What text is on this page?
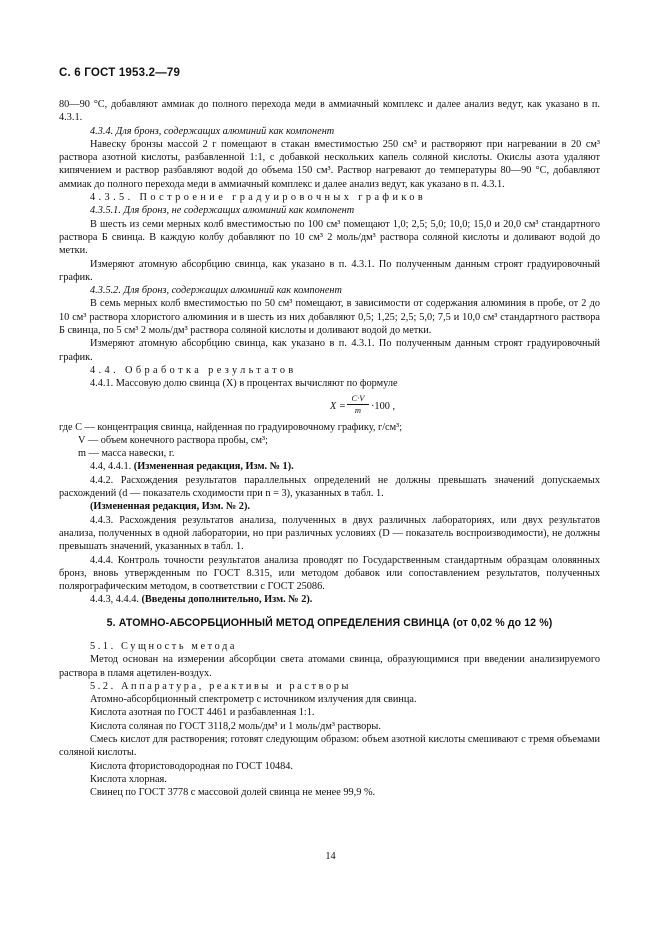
С. 6 ГОСТ 1953.2—79

80—90 °С, добавляют аммиак до полного перехода меди в аммиачный комплекс и далее анализ ведут, как указано в п. 4.3.1.

4.3.4. Для бронз, содержащих алюминий как компонент

Навеску бронзы массой 2 г помещают в стакан вместимостью 250 см³ и растворяют при нагревании в 20 см³ раствора азотной кислоты, разбавленной 1:1, с добавкой нескольких капель соляной кислоты. Окислы азота удаляют кипячением и раствор разбавляют водой до объема 150 см³. Раствор нагревают до температуры 80—90 °С, добавляют аммиак до полного перехода меди в аммиачный комплекс и далее анализ ведут, как указано в п. 4.3.1.

4.3.5. Построение градуировочных графиков

4.3.5.1. Для бронз, не содержащих алюминий как компонент

В шесть из семи мерных колб вместимостью по 100 см³ помещают 1,0; 2,5; 5,0; 10,0; 15,0 и 20,0 см³ стандартного раствора Б свинца. В каждую колбу добавляют по 10 см³ 2 моль/дм³ раствора соляной кислоты и доливают водой до метки.

Измеряют атомную абсорбцию свинца, как указано в п. 4.3.1. По полученным данным строят градуировочный график.

4.3.5.2. Для бронз, содержащих алюминий как компонент

В семь мерных колб вместимостью по 50 см³ помещают, в зависимости от содержания алюминия в пробе, от 2 до 10 см³ раствора хлористого алюминия и в шесть из них добавляют 0,5; 1,25; 2,5; 5,0; 7,5 и 10,0 см³ стандартного раствора Б свинца, по 5 см³ 2 моль/дм³ раствора соляной кислоты и доливают водой до метки.

Измеряют атомную абсорбцию свинца, как указано в п. 4.3.1. По полученным данным строят градуировочный график.

4.4. Обработка результатов

4.4.1. Массовую долю свинца (X) в процентах вычисляют по формуле

$X = \frac{C\cdot V}{m} \cdot 100$ ,

где C — концентрация свинца, найденная по градуировочному графику, г/см³;

V — объем конечного раствора пробы, см³;

m — масса навески, г.

4.4, 4.4.1. (Измененная редакция, Изм. № 1).

4.4.2. Расхождения результатов параллельных определений не должны превышать значений допускаемых расхождений (d — показатель сходимости при n = 3), указанных в табл. 1.

(Измененная редакция, Изм. № 2).

4.4.3. Расхождения результатов анализа, полученных в двух различных лабораториях, или двух результатов анализа, полученных в одной лаборатории, но при различных условиях (D — показатель воспроизводимости), не должны превышать значений, указанных в табл. 1.

4.4.4. Контроль точности результатов анализа проводят по Государственным стандартным образцам оловянных бронз, вновь утвержденным по ГОСТ 8.315, или методом добавок или сопоставлением результатов, полученных полярографическим методом, в соответствии с ГОСТ 25086.

4.4.3, 4.4.4. (Введены дополнительно, Изм. № 2).

5. АТОМНО-АБСОРБЦИОННЫЙ МЕТОД ОПРЕДЕЛЕНИЯ СВИНЦА (от 0,02 % до 12 %)

5.1. Сущность метода

Метод основан на измерении абсорбции света атомами свинца, образующимися при введении анализируемого раствора в пламя ацетилен-воздух.

5.2. Аппаратура, реактивы и растворы

Атомно-абсорбционный спектрометр с источником излучения для свинца.

Кислота азотная по ГОСТ 4461 и разбавленная 1:1.

Кислота соляная по ГОСТ 3118,2 моль/дм³ и 1 моль/дм³ растворы.

Смесь кислот для растворения; готовят следующим образом: объем азотной кислоты смешивают с тремя объемами соляной кислоты.

Кислота фтористоводородная по ГОСТ 10484.

Кислота хлорная.

Свинец по ГОСТ 3778 с массовой долей свинца не менее 99,9 %.

14
